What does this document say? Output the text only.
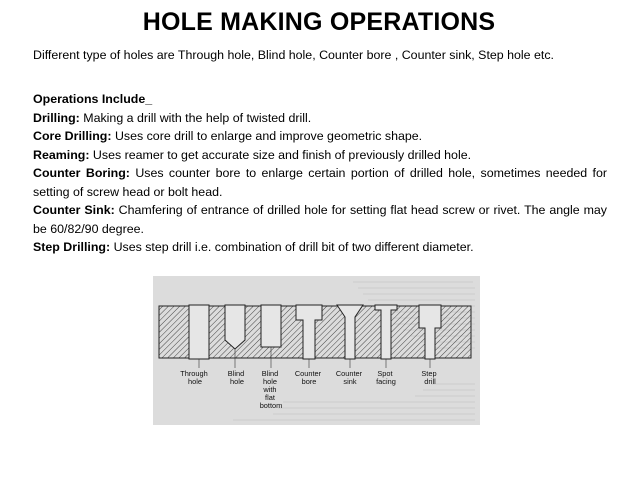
HOLE MAKING OPERATIONS
Different type of holes are Through hole, Blind hole, Counter bore , Counter sink, Step hole etc.

Operations Include_

Drilling: Making a drill with the help of twisted drill.

Core Drilling: Uses core drill to enlarge and improve geometric shape.

Reaming: Uses reamer to get accurate size and finish of previously drilled hole.

Counter Boring: Uses counter bore to enlarge certain portion of drilled hole, sometimes needed for setting of screw head or bolt head.

Counter Sink: Chamfering of entrance of drilled hole for setting flat head screw or rivet. The angle may be 60/82/90 degree.

Step Drilling: Uses step drill i.e. combination of drill bit of two different diameter.

Through hole
Blind hole
Blind hole with flat bottom
Counter bore
Counter sink
Spot facing
Step drill
